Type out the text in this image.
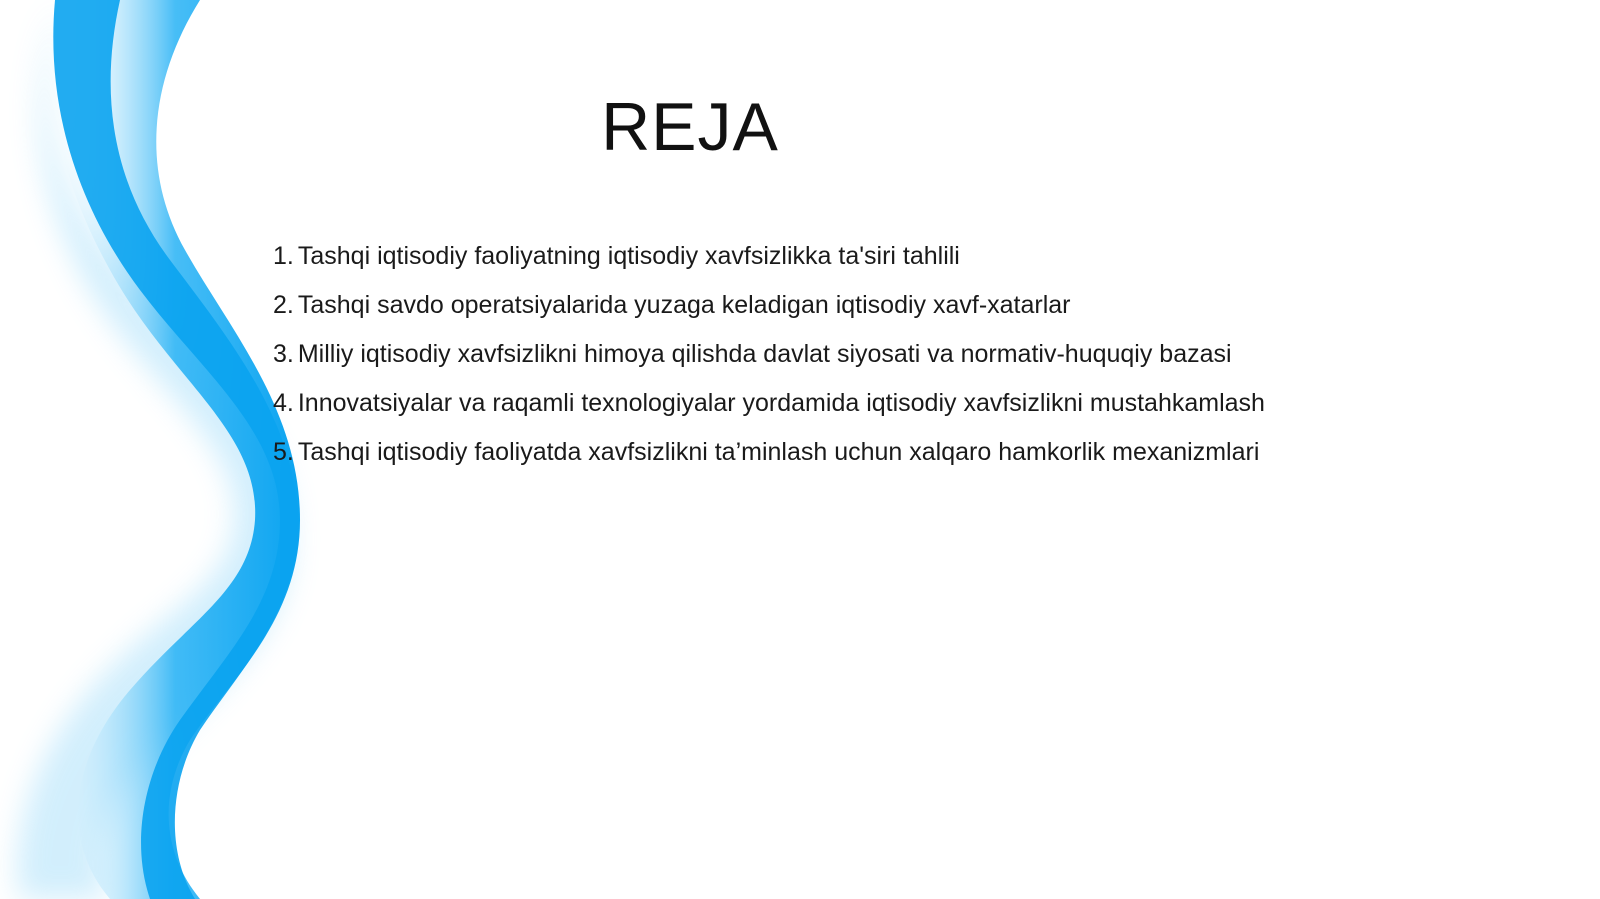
REJA
1. Tashqi iqtisodiy faoliyatning iqtisodiy xavfsizlikka ta'siri tahlili
2. Tashqi savdo operatsiyalarida yuzaga keladigan iqtisodiy xavf-xatarlar
3. Milliy iqtisodiy xavfsizlikni himoya qilishda davlat siyosati va normativ-huquqiy bazasi
4. Innovatsiyalar va raqamli texnologiyalar yordamida iqtisodiy xavfsizlikni mustahkamlash
5. Tashqi iqtisodiy faoliyatda xavfsizlikni ta’minlash uchun xalqaro hamkorlik mexanizmlari
